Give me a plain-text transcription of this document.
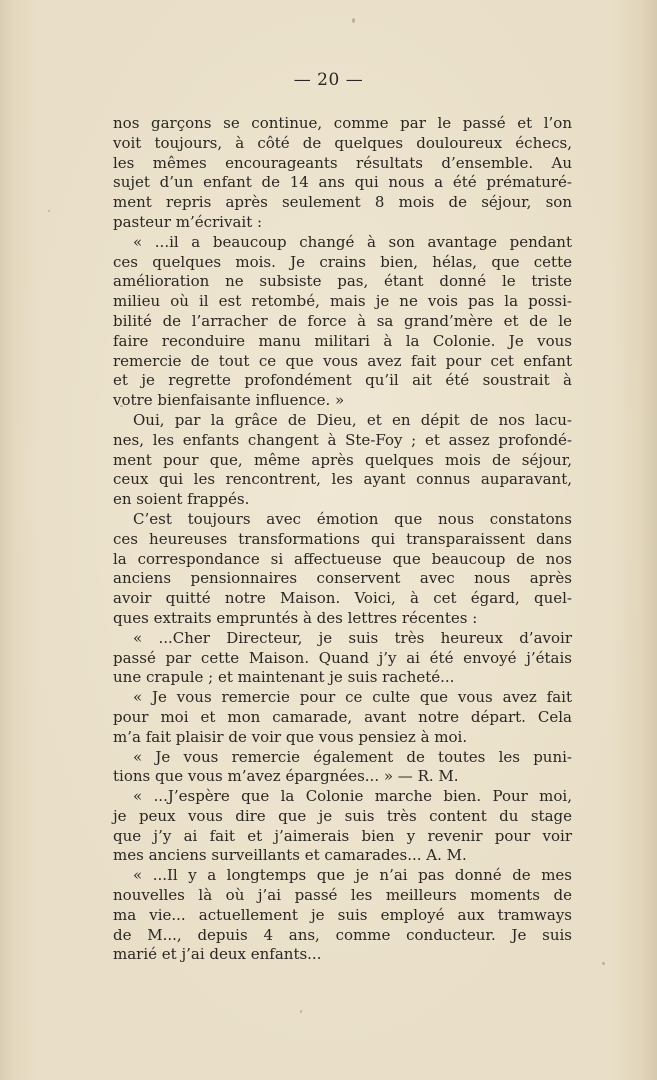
— 20 —
nos garçons se continue, comme par le passé et l’on
voit toujours, à côté de quelques douloureux échecs,
les mêmes encourageants résultats d’ensemble. Au
sujet d’un enfant de 14 ans qui nous a été prématuré-
ment repris après seulement 8 mois de séjour, son
pasteur m’écrivait :
« ...il a beaucoup changé à son avantage pendant
ces quelques mois. Je crains bien, hélas, que cette
amélioration ne subsiste pas, étant donné le triste
milieu où il est retombé, mais je ne vois pas la possi-
bilité de l’arracher de force à sa grand’mère et de le
faire reconduire manu militari à la Colonie. Je vous
remercie de tout ce que vous avez fait pour cet enfant
et je regrette profondément qu’il ait été soustrait à
votre bienfaisante influence. »
Oui, par la grâce de Dieu, et en dépit de nos lacu-
nes, les enfants changent à Ste-Foy ; et assez profondé-
ment pour que, même après quelques mois de séjour,
ceux qui les rencontrent, les ayant connus auparavant,
en soient frappés.
C’est toujours avec émotion que nous constatons
ces heureuses transformations qui transparaissent dans
la correspondance si affectueuse que beaucoup de nos
anciens pensionnaires conservent avec nous après
avoir quitté notre Maison. Voici, à cet égard, quel-
ques extraits empruntés à des lettres récentes :
« ...Cher Directeur, je suis très heureux d’avoir
passé par cette Maison. Quand j’y ai été envoyé j’étais
une crapule ; et maintenant je suis racheté...
« Je vous remercie pour ce culte que vous avez fait
pour moi et mon camarade, avant notre départ. Cela
m’a fait plaisir de voir que vous pensiez à moi.
« Je vous remercie également de toutes les puni-
tions que vous m’avez épargnées... » — R. M.
« ...J’espère que la Colonie marche bien. Pour moi,
je peux vous dire que je suis très content du stage
que j’y ai fait et j’aimerais bien y revenir pour voir
mes anciens surveillants et camarades... A. M.
« ...Il y a longtemps que je n’ai pas donné de mes
nouvelles là où j’ai passé les meilleurs moments de
ma vie... actuellement je suis employé aux tramways
de M..., depuis 4 ans, comme conducteur. Je suis
marié et j’ai deux enfants...
